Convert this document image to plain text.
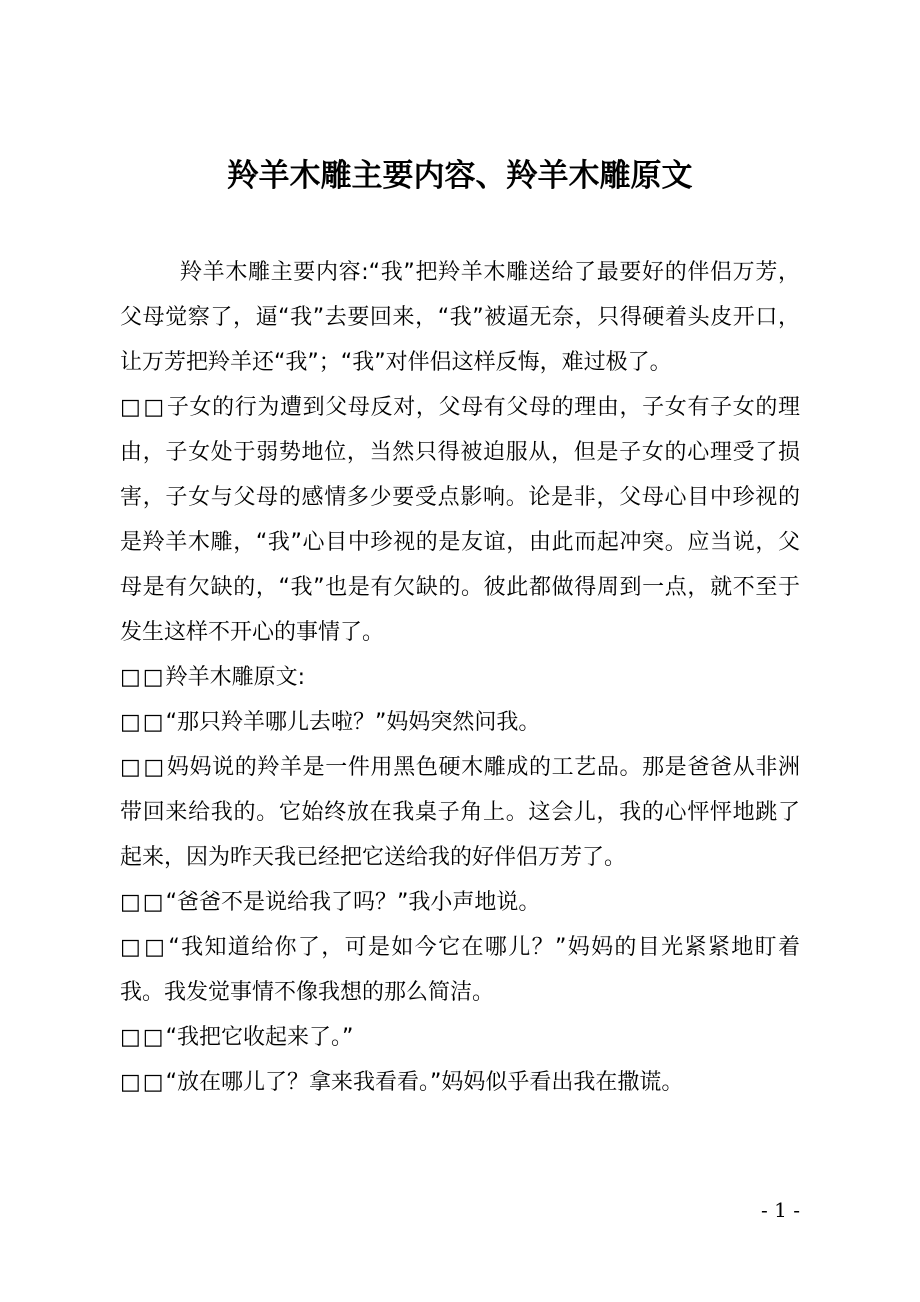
羚羊木雕主要内容、羚羊木雕原文

羚羊木雕主要内容:“我”把羚羊木雕送给了最要好的伴侣万芳，父母觉察了，逼“我”去要回来，“我”被逼无奈，只得硬着头皮开口，让万芳把羚羊还“我”；“我”对伴侣这样反悔，难过极了。

□□子女的行为遭到父母反对，父母有父母的理由，子女有子女的理由，子女处于弱势地位，当然只得被迫服从，但是子女的心理受了损害，子女与父母的感情多少要受点影响。论是非，父母心目中珍视的是羚羊木雕，“我”心目中珍视的是友谊，由此而起冲突。应当说，父母是有欠缺的，“我”也是有欠缺的。彼此都做得周到一点，就不至于发生这样不开心的事情了。

□□羚羊木雕原文:

□□“那只羚羊哪儿去啦？”妈妈突然问我。

□□妈妈说的羚羊是一件用黑色硬木雕成的工艺品。那是爸爸从非洲带回来给我的。它始终放在我桌子角上。这会儿，我的心怦怦地跳了起来，因为昨天我已经把它送给我的好伴侣万芳了。

□□“爸爸不是说给我了吗？”我小声地说。

□□“我知道给你了，可是如今它在哪儿？”妈妈的目光紧紧地盯着我。我发觉事情不像我想的那么简洁。

□□“我把它收起来了。”

□□“放在哪儿了？拿来我看看。”妈妈似乎看出我在撒谎。

- 1 -
